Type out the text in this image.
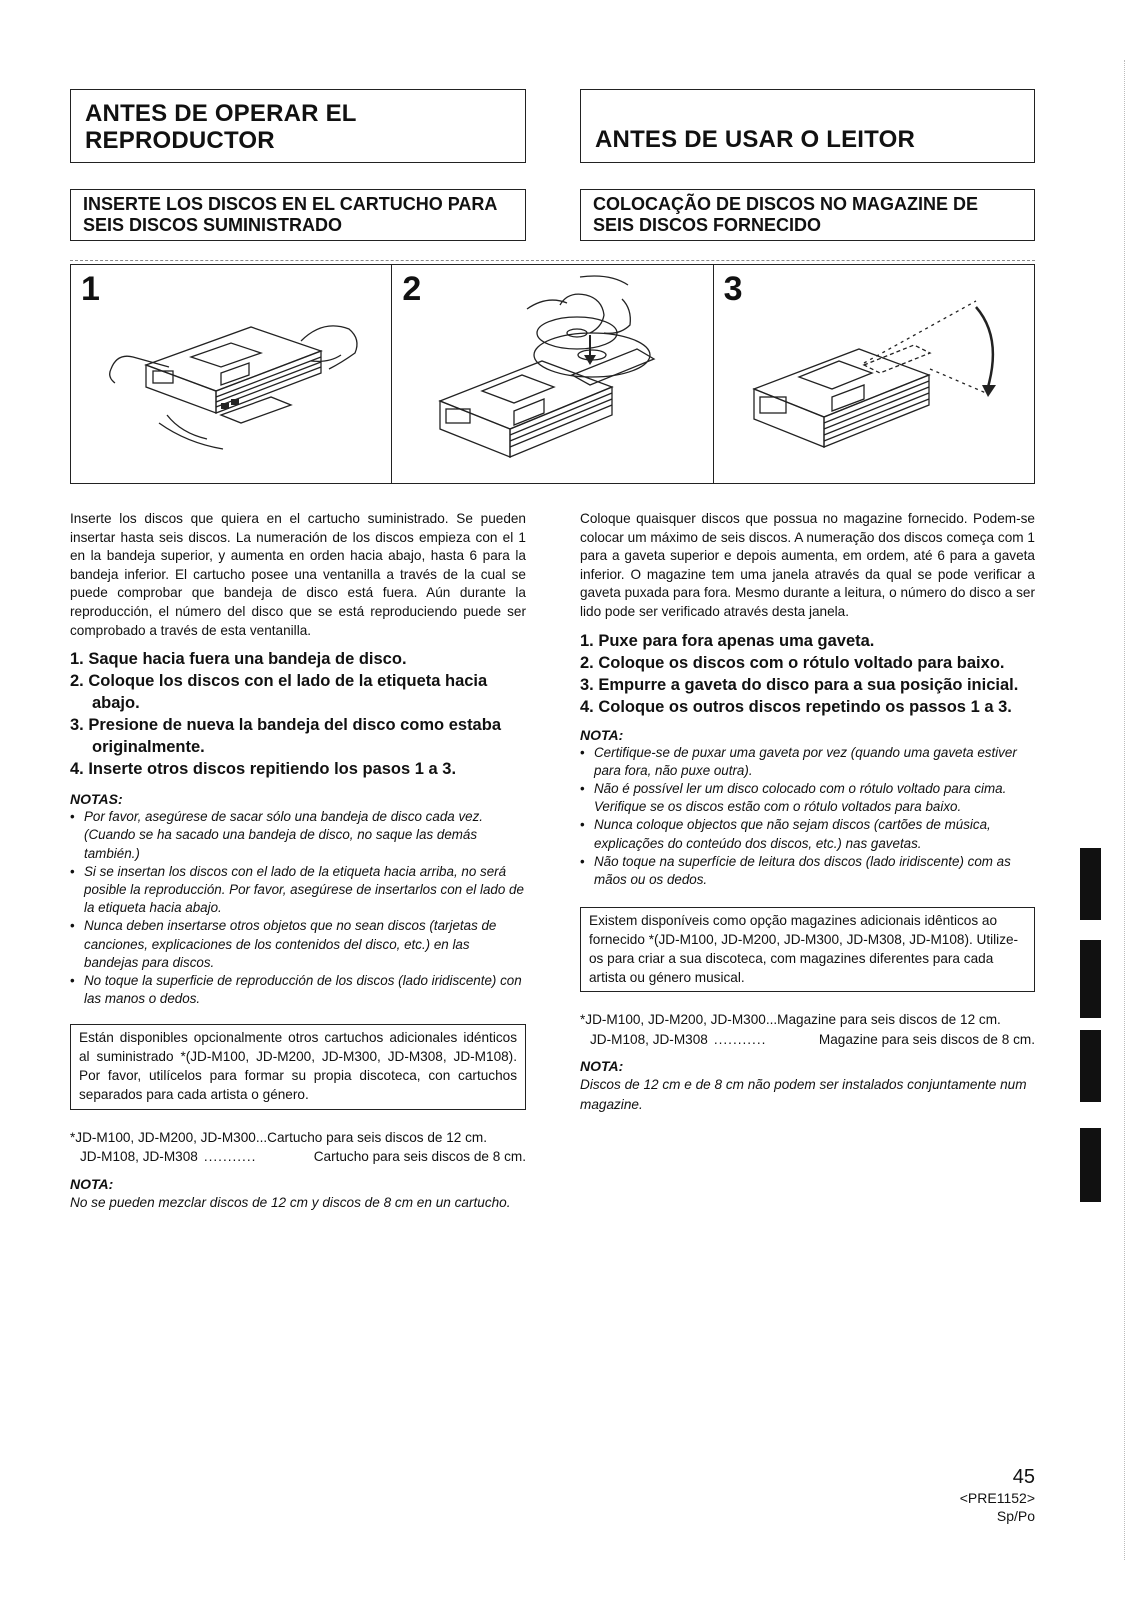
ANTES DE OPERAR EL REPRODUCTOR	ANTES DE USAR O LEITOR
INSERTE LOS DISCOS EN EL CARTUCHO PARA SEIS DISCOS SUMINISTRADO
COLOCAÇÃO DE DISCOS NO MAGAZINE DE SEIS DISCOS FORNECIDO
1	2	3
Inserte los discos que quiera en el cartucho suministrado. Se pueden insertar hasta seis discos. La numeración de los discos empieza con el 1 en la bandeja superior, y aumenta en orden hacia abajo, hasta 6 para la bandeja inferior. El cartucho posee una ventanilla a través de la cual se puede comprobar que bandeja de disco está fuera. Aún durante la reproducción, el número del disco que se está reproduciendo puede ser comprobado a través de esta ventanilla.
1. Saque hacia fuera una bandeja de disco.
2. Coloque los discos con el lado de la etiqueta hacia abajo.
3. Presione de nueva la bandeja del disco como estaba originalmente.
4. Inserte otros discos repitiendo los pasos 1 a 3.
NOTAS:
• Por favor, asegúrese de sacar sólo una bandeja de disco cada vez. (Cuando se ha sacado una bandeja de disco, no saque las demás también.)
• Si se insertan los discos con el lado de la etiqueta hacia arriba, no será posible la reproducción. Por favor, asegúrese de insertarlos con el lado de la etiqueta hacia abajo.
• Nunca deben insertarse otros objetos que no sean discos (tarjetas de canciones, explicaciones de los contenidos del disco, etc.) en las bandejas para discos.
• No toque la superficie de reproducción de los discos (lado iridiscente) con las manos o dedos.
Están disponibles opcionalmente otros cartuchos adicionales idénticos al suministrado *(JD-M100, JD-M200, JD-M300, JD-M308, JD-M108). Por favor, utilícelos para formar su propia discoteca, con cartuchos separados para cada artista o género.
*JD-M100, JD-M200, JD-M300...Cartucho para seis discos de 12 cm.
JD-M108, JD-M308 ...........	Cartucho para seis discos de 8 cm.
NOTA:
No se pueden mezclar discos de 12 cm y discos de 8 cm en un cartucho.
Coloque quaisquer discos que possua no magazine fornecido. Podem-se colocar um máximo de seis discos. A numeração dos discos começa com 1 para a gaveta superior e depois aumenta, em ordem, até 6 para a gaveta inferior. O magazine tem uma janela através da qual se pode verificar a gaveta puxada para fora. Mesmo durante a leitura, o número do disco a ser lido pode ser verificado através desta janela.
1. Puxe para fora apenas uma gaveta.
2. Coloque os discos com o rótulo voltado para baixo.
3. Empurre a gaveta do disco para a sua posição inicial.
4. Coloque os outros discos repetindo os passos 1 a 3.
NOTA:
• Certifique-se de puxar uma gaveta por vez (quando uma gaveta estiver para fora, não puxe outra).
• Não é possível ler um disco colocado com o rótulo voltado para cima. Verifique se os discos estão com o rótulo voltados para baixo.
• Nunca coloque objectos que não sejam discos (cartões de música, explicações do conteúdo dos discos, etc.) nas gavetas.
• Não toque na superfície de leitura dos discos (lado iridiscente) com as mãos ou os dedos.
Existem disponíveis como opção magazines adicionais idênticos ao fornecido *(JD-M100, JD-M200, JD-M300, JD-M308, JD-M108). Utilize-os para criar a sua discoteca, com magazines diferentes para cada artista ou género musical.
*JD-M100, JD-M200, JD-M300...Magazine para seis discos de 12 cm.
JD-M108, JD-M308 ...........	Magazine para seis discos de 8 cm.
NOTA:
Discos de 12 cm e de 8 cm não podem ser instalados conjuntamente num magazine.
45
<PRE1152>
Sp/Po
